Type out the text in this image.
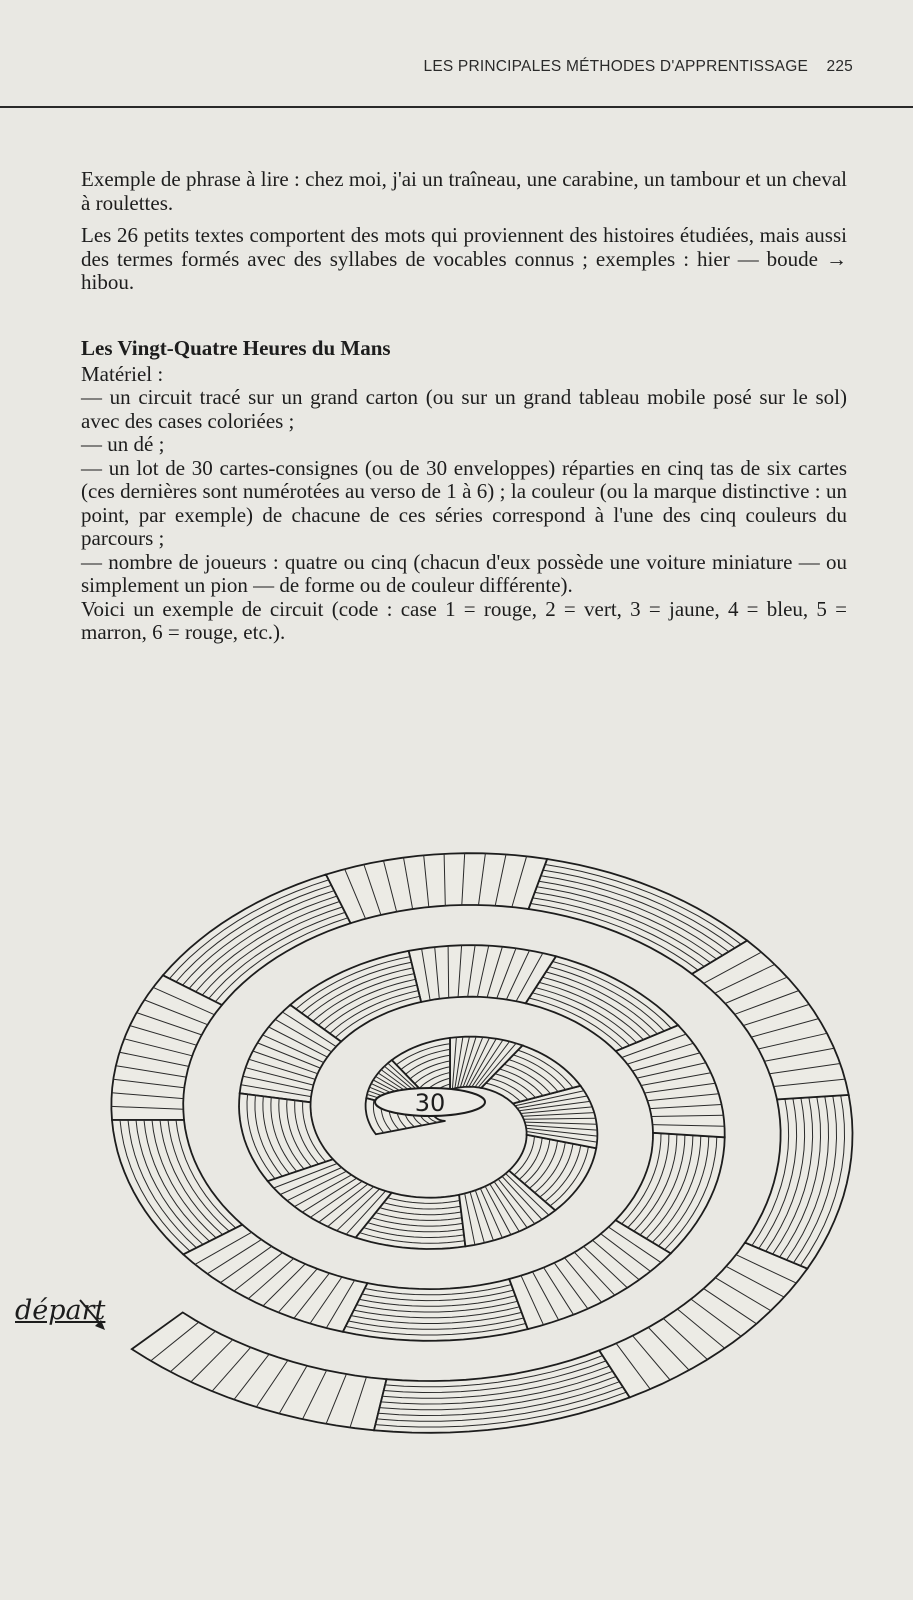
LES PRINCIPALES MÉTHODES D'APPRENTISSAGE 225

Exemple de phrase à lire : chez moi, j'ai un traîneau, une carabine, un tambour et un cheval à roulettes.

Les 26 petits textes comportent des mots qui proviennent des histoires étudiées, mais aussi des termes formés avec des syllabes de vocables connus ; exemples : hier — boude → hibou.

Les Vingt-Quatre Heures du Mans

Matériel :

— un circuit tracé sur un grand carton (ou sur un grand tableau mobile posé sur le sol) avec des cases coloriées ;

— un dé ;

— un lot de 30 cartes-consignes (ou de 30 enveloppes) réparties en cinq tas de six cartes (ces dernières sont numérotées au verso de 1 à 6) ; la couleur (ou la marque distinctive : un point, par exemple) de chacune de ces séries correspond à l'une des cinq couleurs du parcours ;

— nombre de joueurs : quatre ou cinq (chacun d'eux possède une voiture miniature — ou simplement un pion — de forme ou de couleur différente).

Voici un exemple de circuit (code : case 1 = rouge, 2 = vert, 3 = jaune, 4 = bleu, 5 = marron, 6 = rouge, etc.).

30
départ
